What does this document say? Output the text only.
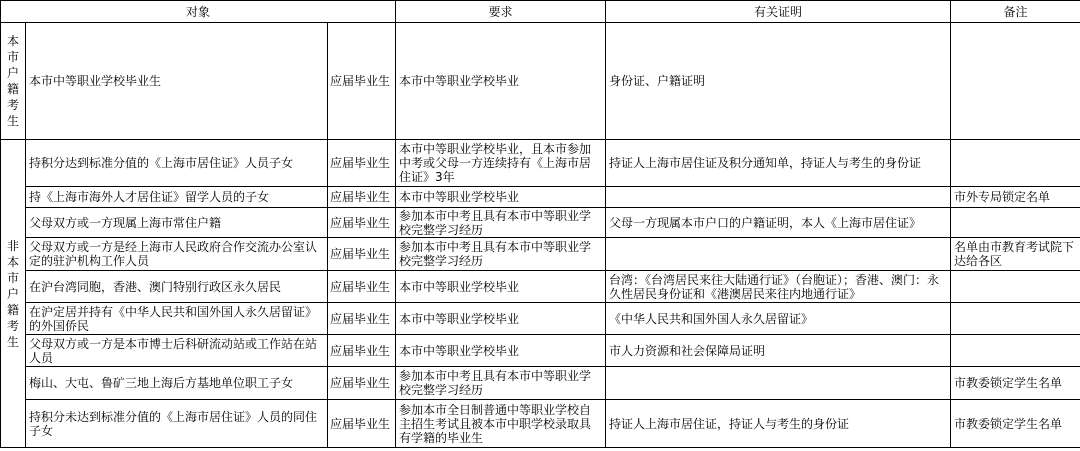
对象			要求	有关证明	备注

本市户籍考生	本市中等职业学校毕业生	应届毕业生	本市中等职业学校毕业	身份证、户籍证明	

非本市户籍考生	持积分达到标准分值的《上海市居住证》人员子女	应届毕业生	本市中等职业学校毕业，且本市参加中考或父母一方连续持有《上海市居住证》3年	持证人上海市居住证及积分通知单，持证人与考生的身份证	
	持《上海市海外人才居住证》留学人员的子女	应届毕业生	本市中等职业学校毕业		市外专局锁定名单
	父母双方或一方现属上海市常住户籍	应届毕业生	参加本市中考且具有本市中等职业学校完整学习经历	父母一方现属本市户口的户籍证明，本人《上海市居住证》	
	父母双方或一方是经上海市人民政府合作交流办公室认定的驻沪机构工作人员	应届毕业生	参加本市中考且具有本市中等职业学校完整学习经历		名单由市教育考试院下达给各区
	在沪台湾同胞，香港、澳门特别行政区永久居民	应届毕业生	本市中等职业学校毕业	台湾：《台湾居民来往大陆通行证》（台胞证）；香港、澳门：永久性居民身份证和《港澳居民来往内地通行证》	
	在沪定居并持有《中华人民共和国外国人永久居留证》的外国侨民	应届毕业生	本市中等职业学校毕业	《中华人民共和国外国人永久居留证》	
	父母双方或一方是本市博士后科研流动站或工作站在站人员	应届毕业生	本市中等职业学校毕业	市人力资源和社会保障局证明	
	梅山、大屯、鲁矿三地上海后方基地单位职工子女	应届毕业生	参加本市中考且具有本市中等职业学校完整学习经历		市教委锁定学生名单
	持积分未达到标准分值的《上海市居住证》人员的同住子女	应届毕业生	参加本市全日制普通中等职业学校自主招生考试且被本市中职学校录取具有学籍的毕业生	持证人上海市居住证，持证人与考生的身份证	市教委锁定学生名单
